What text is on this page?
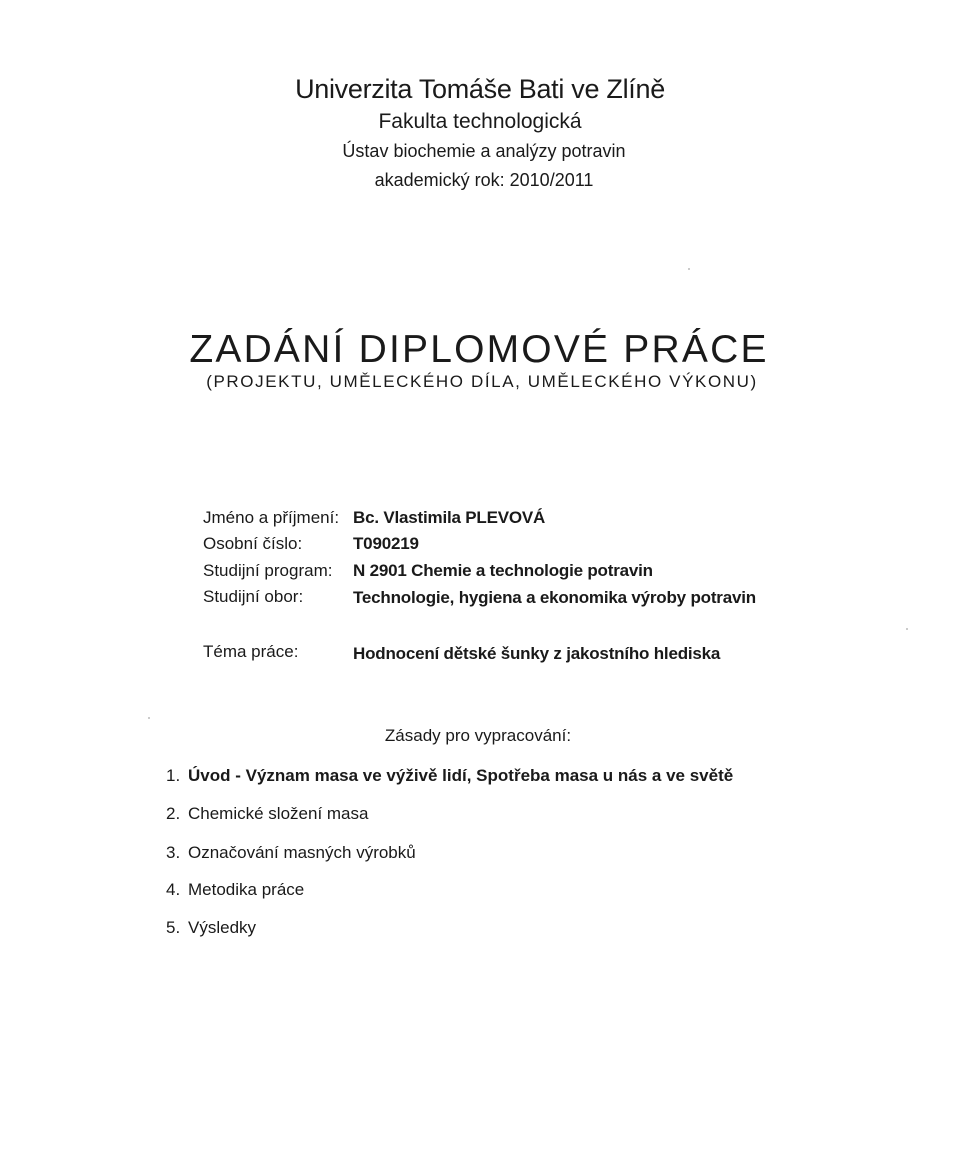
Univerzita Tomáše Bati ve Zlíně
Fakulta technologická
Ústav biochemie a analýzy potravin
akademický rok: 2010/2011
ZADÁNÍ DIPLOMOVÉ PRÁCE
(PROJEKTU, UMĚLECKÉHO DÍLA, UMĚLECKÉHO VÝKONU)
Jméno a příjmení: Bc. Vlastimila PLEVOVÁ
Osobní číslo:	T090219
Studijní program: N 2901 Chemie a technologie potravin
Studijní obor:	Technologie, hygiena a ekonomika výroby potravin
Téma práce:	Hodnocení dětské šunky z jakostního hlediska
Zásady pro vypracování:
1. Úvod - Význam masa ve výživě lidí, Spotřeba masa u nás a ve světě
2. Chemické složení masa
3. Označování masných výrobků
4. Metodika práce
5. Výsledky
